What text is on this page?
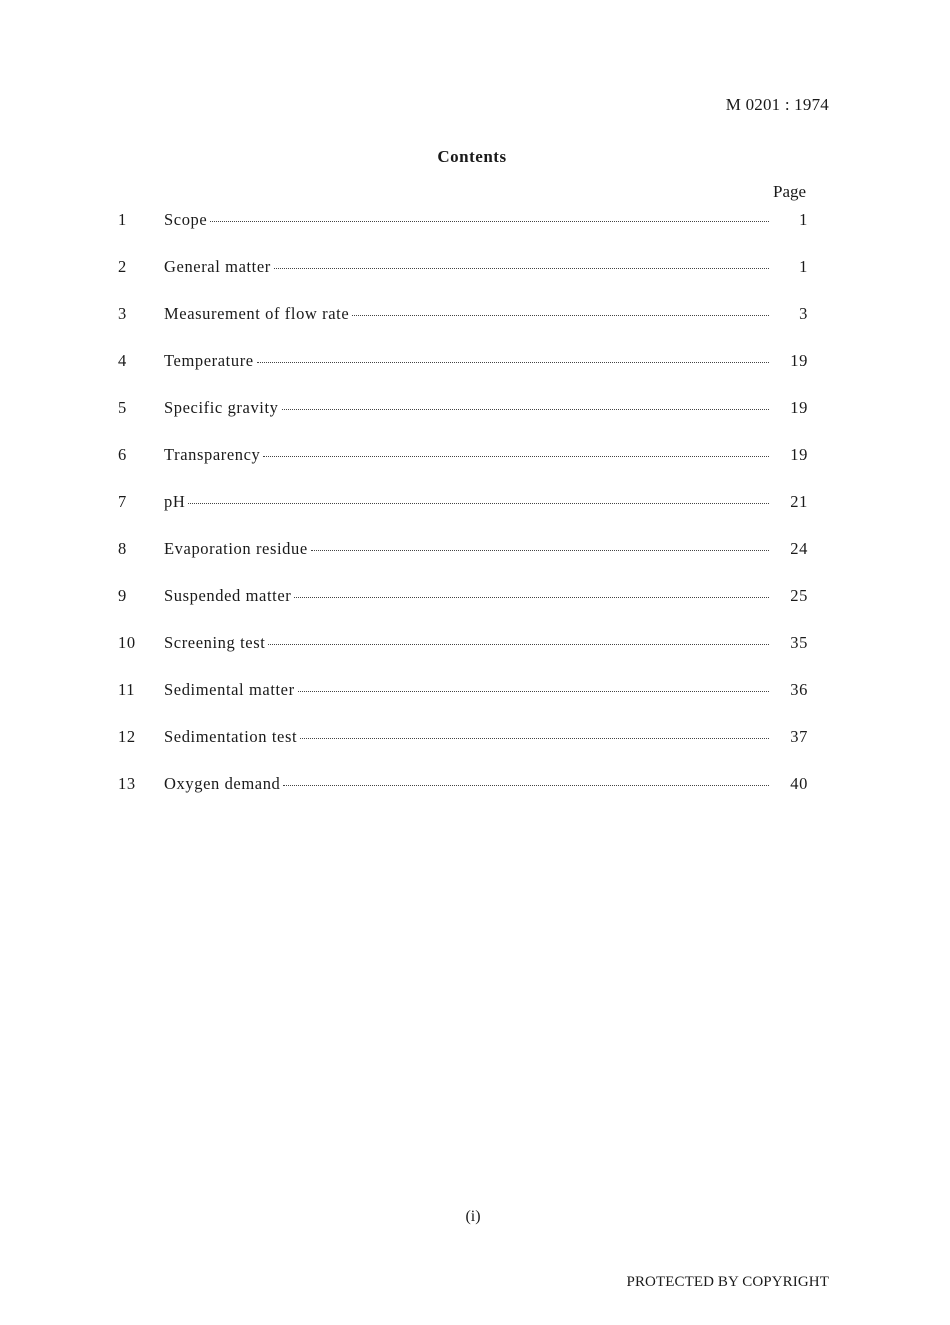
M 0201 : 1974
Contents
Page
1 Scope	1
2 General matter	1
3 Measurement of flow rate	3
4 Temperature	19
5 Specific gravity	19
6 Transparency	19
7 pH	21
8 Evaporation residue	24
9 Suspended matter	25
10 Screening test	35
11 Sedimental matter	36
12 Sedimentation test	37
13 Oxygen demand	40
(i)
PROTECTED BY COPYRIGHT
